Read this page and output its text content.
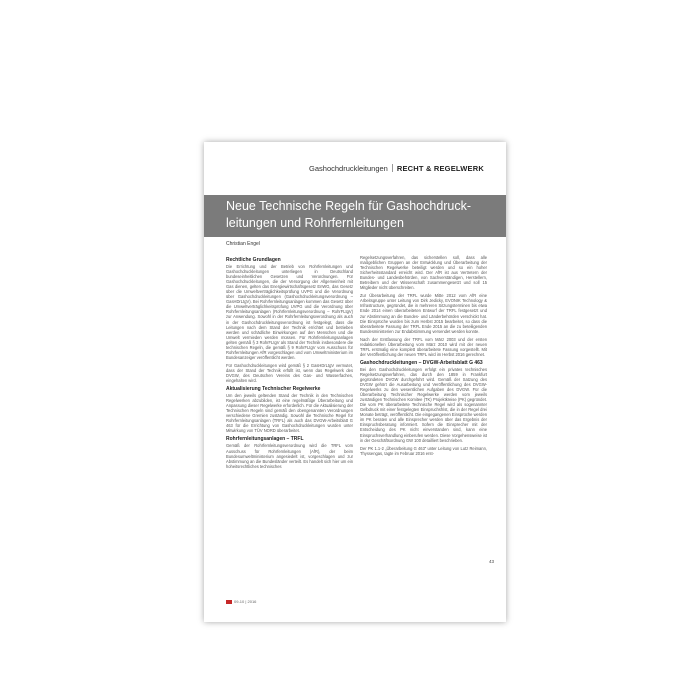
Gashochdruckleitungen RECHT & REGELWERK
Neue Technische Regeln für Gashochdruck-leitungen und Rohrfernleitungen
Christian Engel
Rechtliche Grundlagen

Die Errichtung und der Betrieb von Rohrfernleitungen und Gashochdruckleitungen unterliegen in Deutschland bundeseinheitlichen Gesetzen und Verordnungen. Für Gashochdruckleitungen, die der Versorgung der Allgemeinheit mit Gas dienen, gelten das Energiewirtschaftsgesetz EnWG, das Gesetz über die Umweltverträglichkeitsprüfung UVPG und die Verordnung über Gashochdruckleitungen (Gashochdruckleitungsverordnung – GasHDrLtgV). Bei Rohrfernleitungsanlagen kommen das Gesetz über die Umweltverträglichkeitsprüfung UVPG und die Verordnung über Rohrfernleitungsanlagen (Rohrfernleitungsverordnung – RohrFLtgV) zur Anwendung. Sowohl in der Rohrfernleitungsverordnung als auch in der Gashochdruckleitungsverordnung ist festgelegt, dass die Leitungen nach dem Stand der Technik errichtet und betrieben werden und schädliche Einwirkungen auf den Menschen und die Umwelt vermieden werden müssen. Für Rohrfernleitungsanlagen gelten gemäß § 3 RohrFLtgV als Stand der Technik insbesondere die technischen Regeln, die gemäß § 9 RohrFLtgV vom Ausschuss für Rohrfernleitungen AfR vorgeschlagen und vom Umweltministerium im Bundesanzeiger veröffentlicht werden.

Für Gashochdruckleitungen wird gemäß § 2 GasHDrLtgV vermutet, dass der Stand der Technik erfüllt ist, wenn das Regelwerk des DVGW, des Deutschen Vereins des Gas- und Wasserfaches, eingehalten wird.

Aktualisierung Technischer Regelwerke

Um den jeweils geltenden Stand der Technik in den Technischen Regelwerken abzubilden, ist eine regelmäßige Überarbeitung und Anpassung dieser Regelwerke erforderlich. Für die Aktualisierung der Technischen Regeln sind gemäß den obengenannten Verordnungen verschiedene Gremien zuständig. Sowohl die Technische Regel für Rohrfernleitungsanlagen (TRFL) als auch das DVGW-Arbeitsblatt G 463 für die Errichtung von Gashochdruckleitungen wurden unter Mitwirkung von TÜV NORD überarbeitet.

Rohrfernleitungsanlagen – TRFL

Gemäß der Rohrfernleitungsverordnung wird die TRFL vom Ausschuss für Rohrfernleitungen (AfR), der beim Bundesumweltministerium angesiedelt ist, vorgeschlagen und zur Abstimmung an die Bundesländer verteilt. Es handelt sich hier um ein hoheitsrechtliches technisches

Regelsetzungsverfahren, das sicherstellen soll, dass alle maßgeblichen Gruppen an der Entwicklung und Überarbeitung der Technischen Regelwerke beteiligt werden und so ein hoher Sicherheitsstandard erreicht wird. Der AfR ist aus Vertretern der Bundes- und Landesbehörden, von Sachverständigen, Herstellern, Betreibern und der Wissenschaft zusammengesetzt und soll 15 Mitglieder nicht überschreiten.

Zur Überarbeitung der TRFL wurde Mitte 2012 vom AfR eine Arbeitsgruppe unter Leitung von Dirk Jedicky, EVONIK Technology & Infrastructure, gegründet, die in mehreren Sitzungsterminen bis etwa Ende 2014 einen überarbeiteten Entwurf der TRFL festgesetzt und zur Abstimmung an die Bundes- und Länderbehörden verschickt hat. Die Einsprüche wurden bis zum Herbst 2015 bearbeitet, so dass die überarbeitete Fassung der TRFL Ende 2015 an die zu beteiligenden Bundesministerien zur Endabstimmung versendet werden konnte.

Nach der Erstfassung der TRFL vom März 2003 und der ersten redaktionellen Überarbeitung vom März 2010 wird mit der neuen TRFL erstmalig eine komplett überarbeitete Fassung vorgestellt. Mit der Veröffentlichung der neuen TRFL wird im Herbst 2016 gerechnet.

Gashochdruckleitungen – DVGW-Arbeitsblatt G 463

Bei den Gashochdruckleitungen erfolgt ein privates technisches Regelsetzungsverfahren, das durch den 1859 in Frankfurt gegründeten DVGW durchgeführt wird. Gemäß der Satzung des DVGW gehört die Ausarbeitung und Veröffentlichung des DVGW-Regelwerks zu den wesentlichen Aufgaben des DVGW. Für die Überarbeitung Technischer Regelwerke werden vom jeweils zuständigen Technischen Komitee (TK) Projektkreise (PK) gegründet. Die vom PK überarbeitete Technische Regel wird als sogenannter Gelbdruck mit einer festgelegten Einspruchsfrist, die in der Regel drei Monate beträgt, veröffentlicht. Die eingegangenen Einsprüche werden im PK beraten und alle Einsprecher werden über das Ergebnis der Einspruchsberatung informiert. Sofern die Einsprecher mit der Entscheidung des PK nicht einverstanden sind, kann eine Einspruchsverhandlung einberufen werden. Diese Vorgehensweise ist in der Geschäftsordnung GW 100 detailliert beschrieben.

Der PK 1.1-2 „Überarbeitung G 463“ unter Leitung von Lutz Reimann, Thyssengas, tagte im Februar 2016 erst-

09-10 | 2016
43
